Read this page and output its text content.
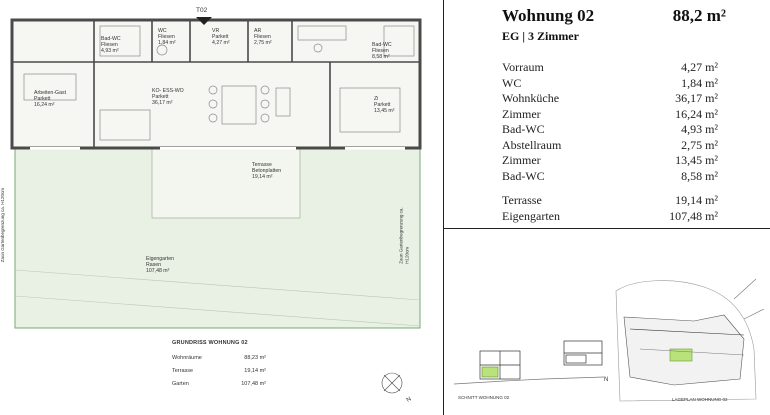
T02
Bad-WC
Fliesen
4,93 m²
WC
Fliesen
1,84 m²
VR
Parkett
4,27 m²
AR
Fliesen
2,75 m²	Bad-WC
Fliesen
8,58 m²
Arbeiten-Gast
Parkett
16,24 m²
KO- ESS-WO
Parkett
36,17 m²
Zi
Parkett
13,45 m²
Terrasse
Betonplatten
19,14 m²
Eigengarten
Rasen
107,48 m²
Zaun Gartenbegrenzung ca. H120cm	Zaun Gartenbegrenzung ca. H120cm
N
GRUNDRISS WOHNUNG 02
Wohnräume	88,23 m²
Terrasse	19,14 m²
Garten	107,48 m²
Wohnung 02	88,2 m²
EG | 3 Zimmer
Vorraum	4,27 m²
WC	1,84 m²
Wohnküche	36,17 m²
Zimmer	16,24 m²
Bad-WC	4,93 m²
Abstellraum	2,75 m²
Zimmer	13,45 m²
Bad-WC	8,58 m²
Terrasse	19,14 m²
Eigengarten	107,48 m²
SCHNITT WOHNUNG 02	LAGEPLAN WOHNUNG 02
N
